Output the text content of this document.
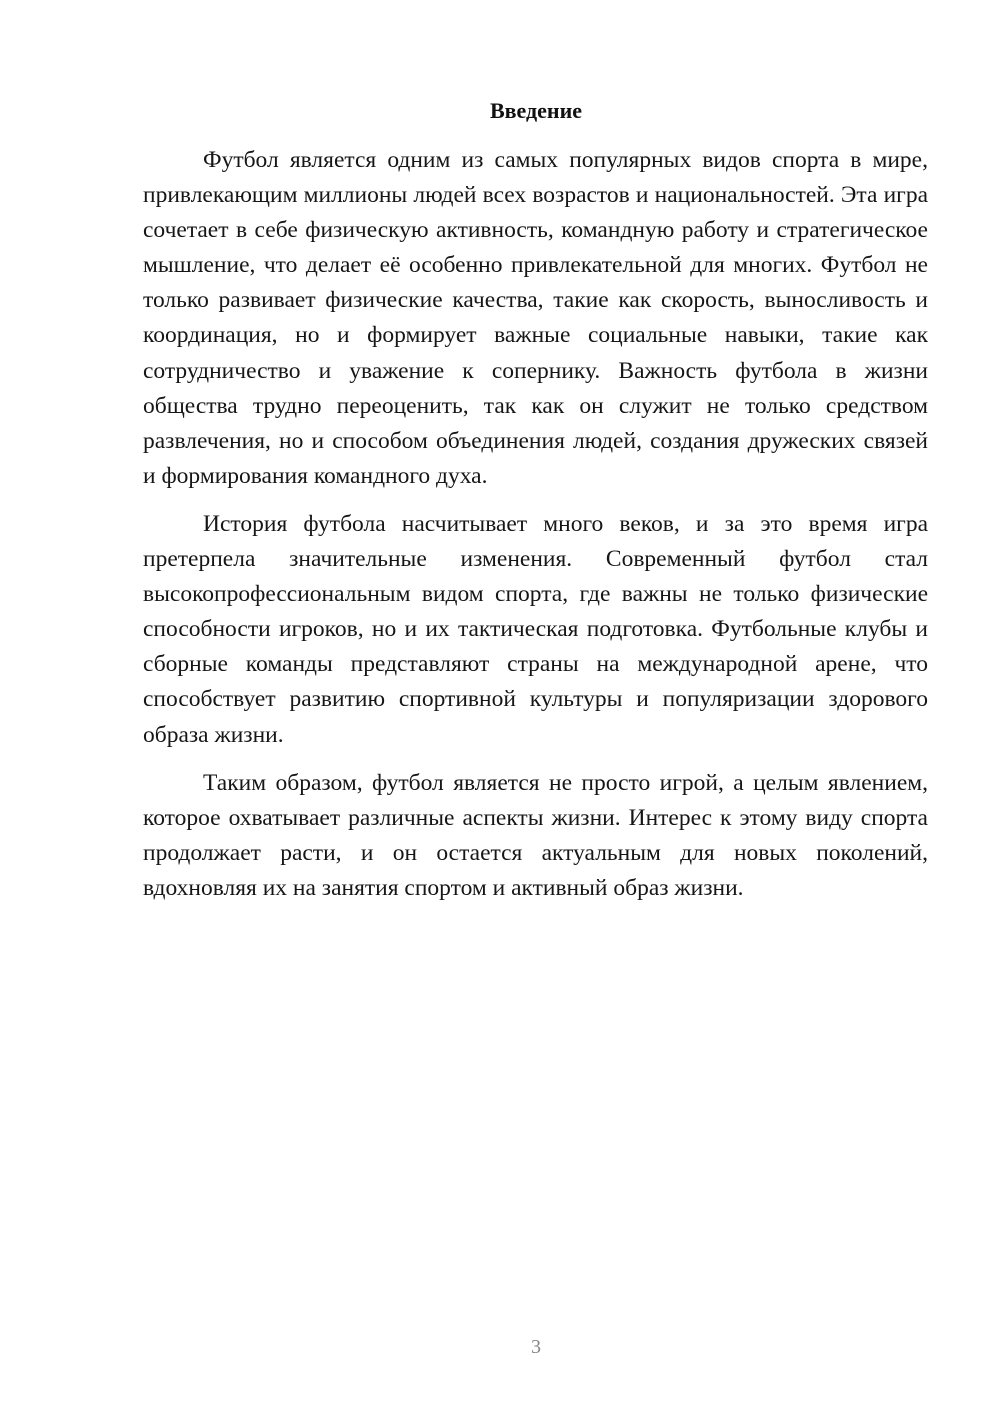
Введение

Футбол является одним из самых популярных видов спорта в мире, привлекающим миллионы людей всех возрастов и национальностей. Эта игра сочетает в себе физическую активность, командную работу и стратегическое мышление, что делает её особенно привлекательной для многих. Футбол не только развивает физические качества, такие как скорость, выносливость и координация, но и формирует важные социальные навыки, такие как сотрудничество и уважение к сопернику. Важность футбола в жизни общества трудно переоценить, так как он служит не только средством развлечения, но и способом объединения людей, создания дружеских связей и формирования командного духа.

История футбола насчитывает много веков, и за это время игра претерпела значительные изменения. Современный футбол стал высокопрофессиональным видом спорта, где важны не только физические способности игроков, но и их тактическая подготовка. Футбольные клубы и сборные команды представляют страны на международной арене, что способствует развитию спортивной культуры и популяризации здорового образа жизни.

Таким образом, футбол является не просто игрой, а целым явлением, которое охватывает различные аспекты жизни. Интерес к этому виду спорта продолжает расти, и он остается актуальным для новых поколений, вдохновляя их на занятия спортом и активный образ жизни.

3
